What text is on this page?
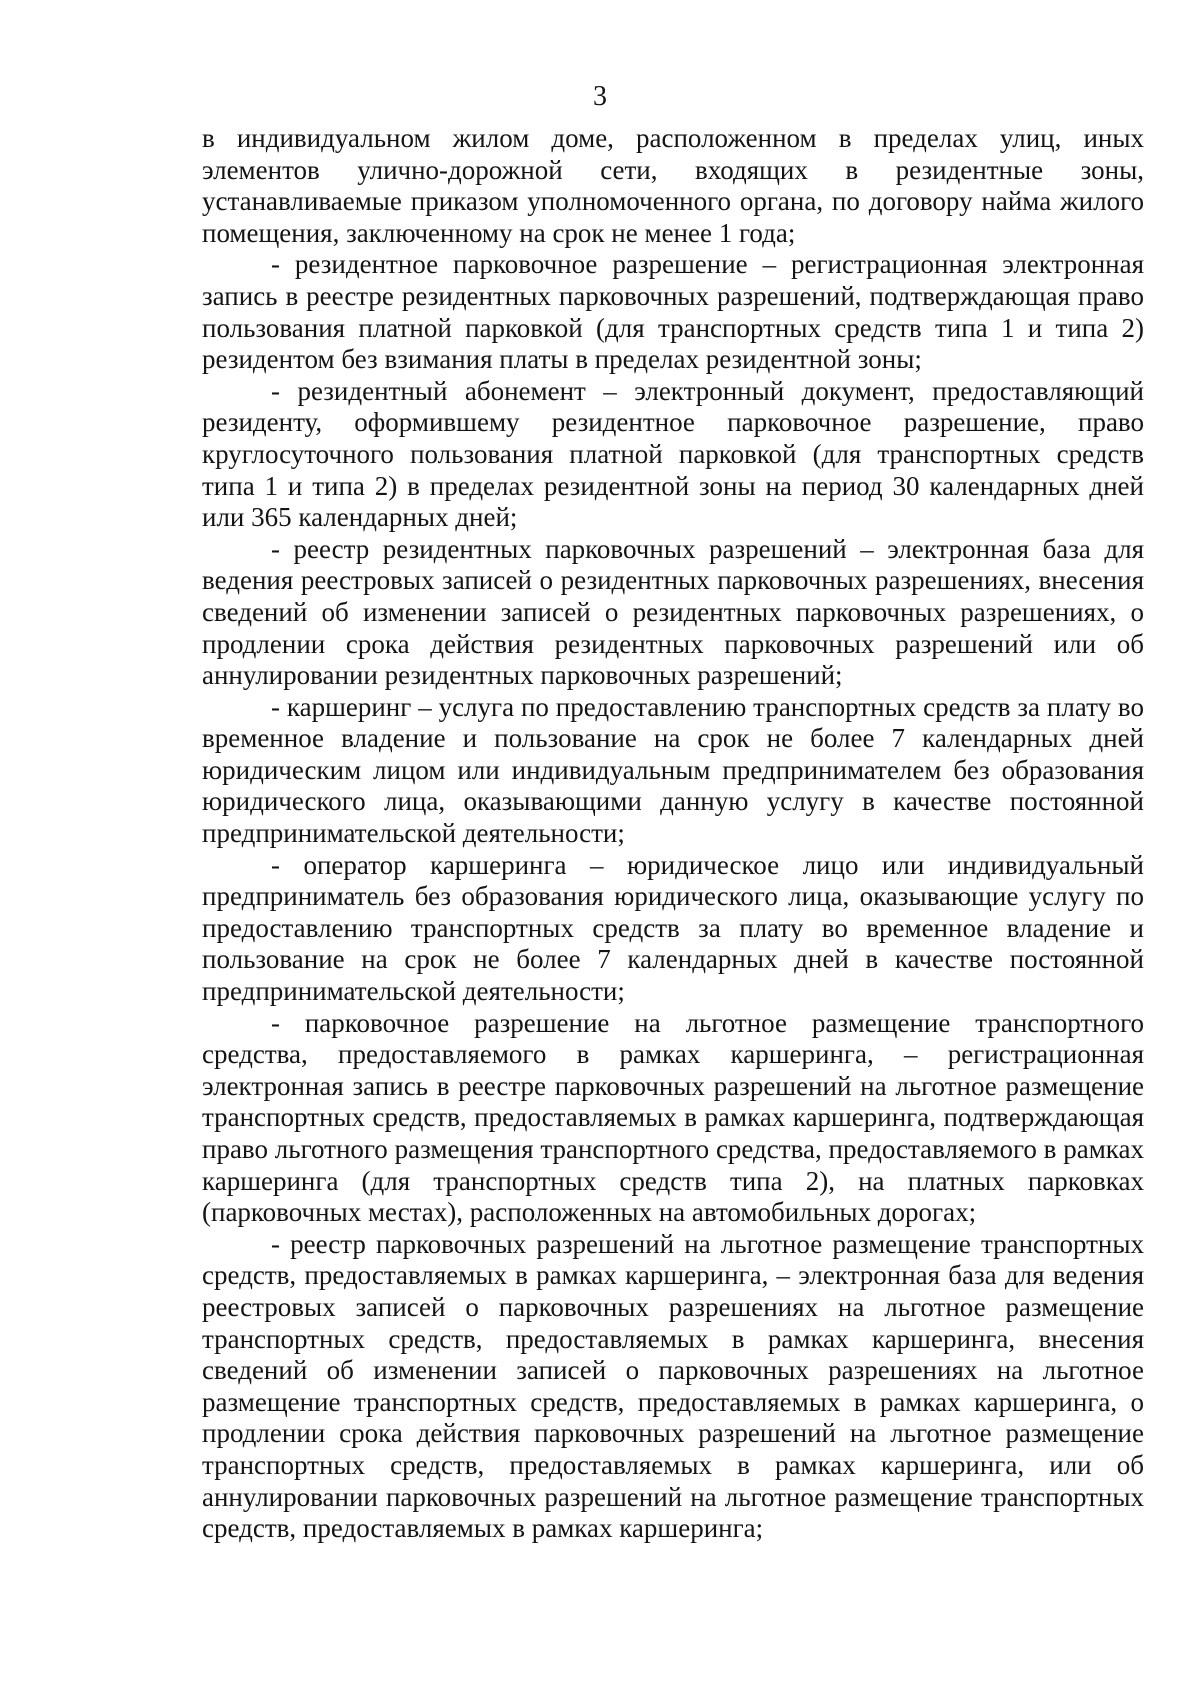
3

в индивидуальном жилом доме, расположенном в пределах улиц, иных элементов улично-дорожной сети, входящих в резидентные зоны, устанавливаемые приказом уполномоченного органа, по договору найма жилого помещения, заключенному на срок не менее 1 года;

- резидентное парковочное разрешение – регистрационная электронная запись в реестре резидентных парковочных разрешений, подтверждающая право пользования платной парковкой (для транспортных средств типа 1 и типа 2) резидентом без взимания платы в пределах резидентной зоны;

- резидентный абонемент – электронный документ, предоставляющий резиденту, оформившему резидентное парковочное разрешение, право круглосуточного пользования платной парковкой (для транспортных средств типа 1 и типа 2) в пределах резидентной зоны на период 30 календарных дней или 365 календарных дней;

- реестр резидентных парковочных разрешений – электронная база для ведения реестровых записей о резидентных парковочных разрешениях, внесения сведений об изменении записей о резидентных парковочных разрешениях, о продлении срока действия резидентных парковочных разрешений или об аннулировании резидентных парковочных разрешений;

- каршеринг – услуга по предоставлению транспортных средств за плату во временное владение и пользование на срок не более 7 календарных дней юридическим лицом или индивидуальным предпринимателем без образования юридического лица, оказывающими данную услугу в качестве постоянной предпринимательской деятельности;

- оператор каршеринга – юридическое лицо или индивидуальный предприниматель без образования юридического лица, оказывающие услугу по предоставлению транспортных средств за плату во временное владение и пользование на срок не более 7 календарных дней в качестве постоянной предпринимательской деятельности;

- парковочное разрешение на льготное размещение транспортного средства, предоставляемого в рамках каршеринга, – регистрационная электронная запись в реестре парковочных разрешений на льготное размещение транспортных средств, предоставляемых в рамках каршеринга, подтверждающая право льготного размещения транспортного средства, предоставляемого в рамках каршеринга (для транспортных средств типа 2), на платных парковках (парковочных местах), расположенных на автомобильных дорогах;

- реестр парковочных разрешений на льготное размещение транспортных средств, предоставляемых в рамках каршеринга, – электронная база для ведения реестровых записей о парковочных разрешениях на льготное размещение транспортных средств, предоставляемых в рамках каршеринга, внесения сведений об изменении записей о парковочных разрешениях на льготное размещение транспортных средств, предоставляемых в рамках каршеринга, о продлении срока действия парковочных разрешений на льготное размещение транспортных средств, предоставляемых в рамках каршеринга, или об аннулировании парковочных разрешений на льготное размещение транспортных средств, предоставляемых в рамках каршеринга;
